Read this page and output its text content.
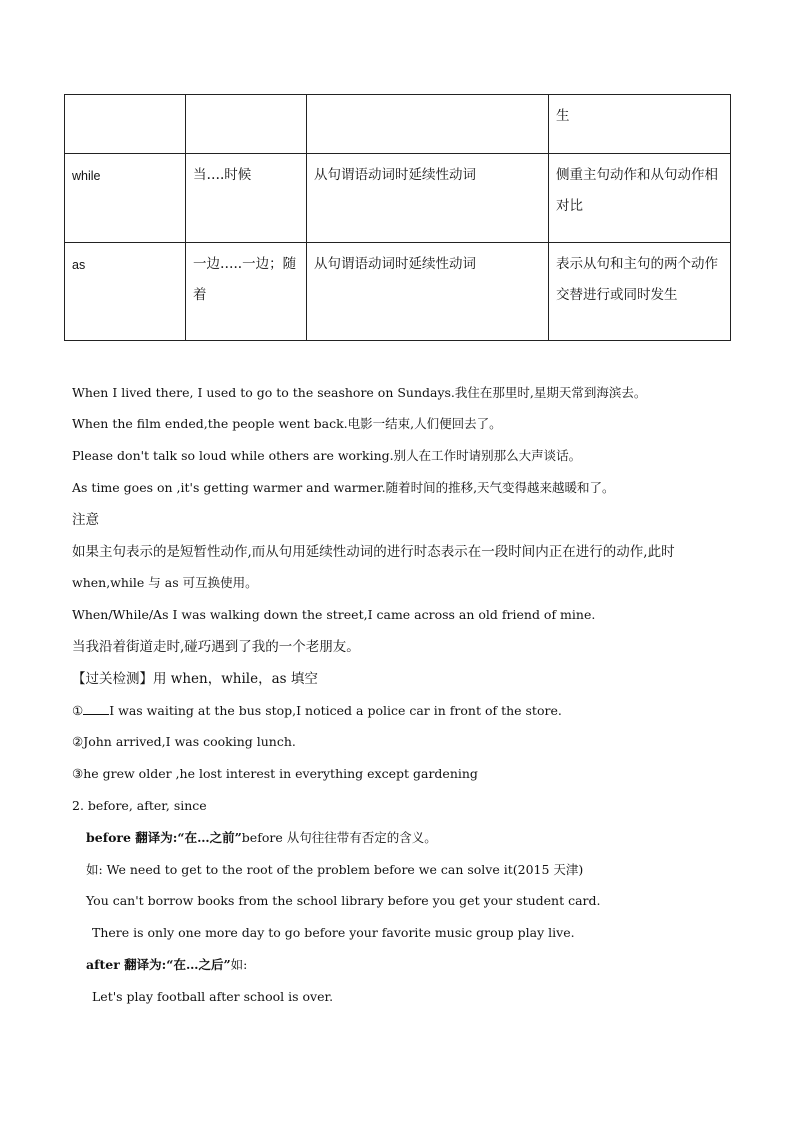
			生
while	当….时候	从句谓语动词时延续性动词	侧重主句动作和从句动作相对比
as	一边…..一边；随着	从句谓语动词时延续性动词	表示从句和主句的两个动作交替进行或同时发生
When I lived there, I used to go to the seashore on Sundays.我住在那里时,星期天常到海滨去。
When the film ended,the people went back.电影一结束,人们便回去了。
Please don't talk so loud while others are working.别人在工作时请别那么大声谈话。
As time goes on ,it's getting warmer and warmer.随着时间的推移,天气变得越来越暖和了。
注意
如果主句表示的是短暂性动作,而从句用延续性动词的进行时态表示在一段时间内正在进行的动作,此时
when,while 与 as 可互换使用。
When/While/As I was walking down the street,I came across an old friend of mine.
当我沿着街道走时,碰巧遇到了我的一个老朋友。
【过关检测】用 when，while，as 填空
① I was waiting at the bus stop,I noticed a police car in front of the store.
②John arrived,I was cooking lunch.
③he grew older ,he lost interest in everything except gardening
2. before, after, since
before 翻译为:“在…之前”before 从句往往带有否定的含义。
如: We need to get to the root of the problem before we can solve it(2015 天津)
You can't borrow books from the school library before you get your student card.
There is only one more day to go before your favorite music group play live.
after 翻译为:“在…之后”如:
Let's play football after school is over.
